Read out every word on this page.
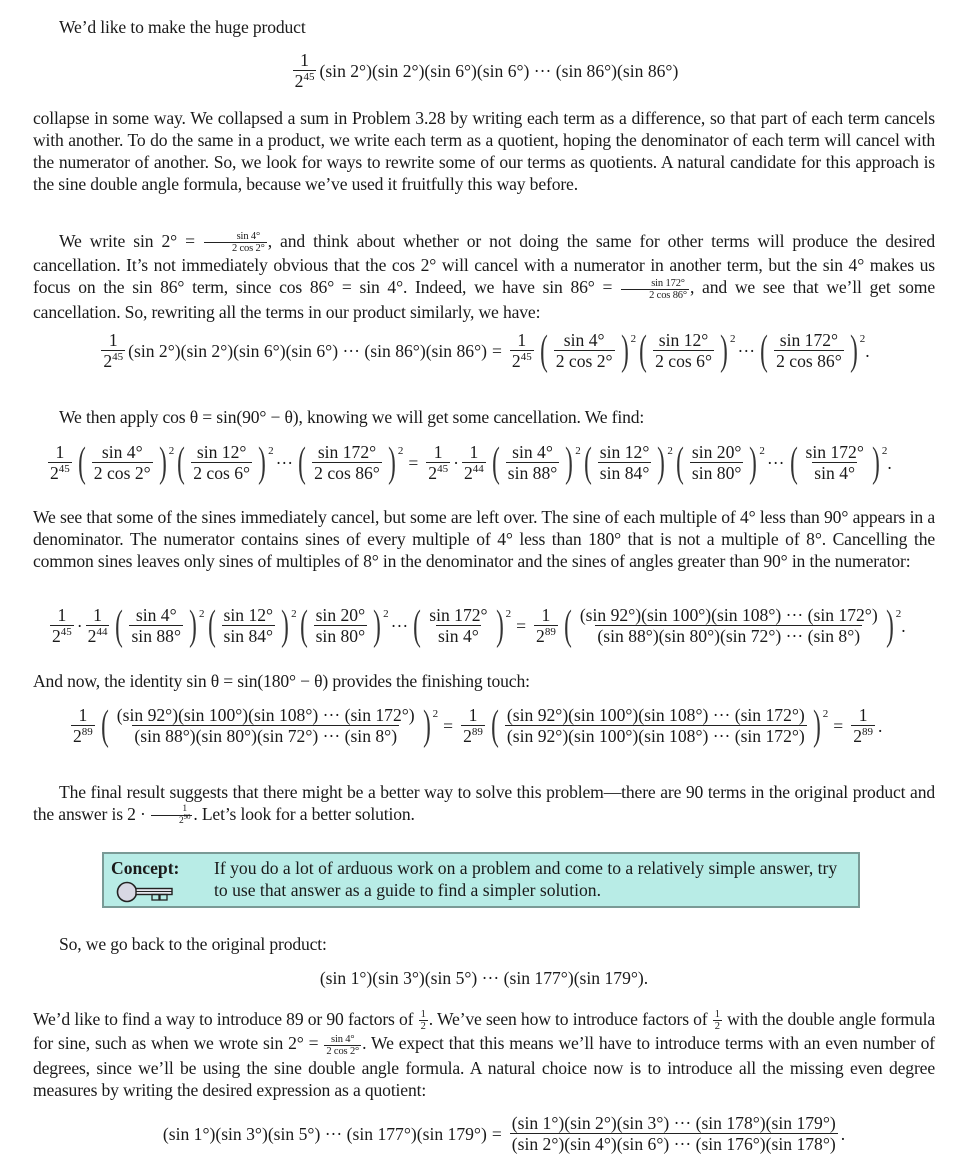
We’d like to make the huge product

$\frac{1}{2^{45}} (\sin$ 2°)(sin 2°)(sin 6°)(sin 6°) ··· (sin 86°)(sin 86°)

collapse in some way. We collapsed a sum in Problem 3.28 by writing each term as a difference, so that part of each term cancels with another. To do the same in a product, we write each term as a quotient, hoping the denominator of each term will cancel with the numerator of another. So, we look for ways to rewrite some of our terms as quotients. A natural candidate for this approach is the sine double angle formula, because we’ve used it fruitfully this way before.

We write $\sin 2^\circ = \frac{\sin 4^\circ}{2 \cos 2^\circ}$ , and think about whether or not doing the same for other terms will produce the desired cancellation. It’s not immediately obvious that the cos 2° will cancel with a numerator in another term, but the sin 4° makes us focus on the sin 86° term, since cos 86° = sin 4°. Indeed, we have $\sin 86^\circ = \frac{\sin 172^\circ}{2 \cos 86^\circ}$ , and we see that we’ll get some cancellation. So, rewriting all the terms in our product similarly, we have:

$\frac{1}{2^{45}} (\sin$ 2°)(sin 2°)(sin 6°)(sin 6°) ··· (sin 86°)(sin $86^\circ) = \frac{1}{2^{45}}$ ( $\frac{\sin 4^\circ}{2 \cos 2^\circ}$ ) 2 ( $\frac{\sin 12^\circ}{2 \cos 6^\circ}$ ) 2
··· ( $\frac{\sin 172^\circ}{2 \cos 86^\circ}$ ) 2
.

We then apply cos θ = sin(90° − θ), knowing we will get some cancellation. We find:

$\frac{1}{2^{45}}$ ( $\frac{\sin 4^\circ}{2 \cos 2^\circ}$ ) 2 ( $\frac{\sin 12^\circ}{2 \cos 6^\circ}$ ) 2
··· ( $\frac{\sin 172^\circ}{2 \cos 86^\circ}$ ) 2
= $\frac{1}{2^{45}} \cdot \frac{1}{2^{44}}$ ( $\frac{\sin 4^\circ}{\sin 88^\circ}$ ) 2 ( $\frac{\sin 12^\circ}{\sin 84^\circ}$ ) 2 ( $\frac{\sin 20^\circ}{\sin 80^\circ}$ ) 2
··· ( $\frac{\sin 172^\circ}{\sin 4^\circ}$ ) 2
.

We see that some of the sines immediately cancel, but some are left over. The sine of each multiple of 4° less than 90° appears in a denominator. The numerator contains sines of every multiple of 4° less than 180° that is not a multiple of 8°. Cancelling the common sines leaves only sines of multiples of 8° in the denominator and the sines of angles greater than 90° in the numerator:

$\frac{1}{2^{45}} \cdot \frac{1}{2^{44}}$ ( $\frac{\sin 4^\circ}{\sin 88^\circ}$ ) 2 ( $\frac{\sin 12^\circ}{\sin 84^\circ}$ ) 2 ( $\frac{\sin 20^\circ}{\sin 80^\circ}$ ) 2
··· ( $\frac{\sin 172^\circ}{\sin 4^\circ}$ ) 2
= $\frac{1}{2^{89}}$ ( $\frac{(\sin 92^\circ)(\sin 100^\circ)(\sin 108^\circ) \cdot\cdot\cdot (\sin 172^\circ)}{(\sin 88^\circ)(\sin 80^\circ)(\sin 72^\circ) \cdot\cdot\cdot (\sin 8^\circ)}$ ) 2
.

And now, the identity sin θ = sin(180° − θ) provides the finishing touch:

$\frac{1}{2^{89}}$ ( $\frac{(\sin 92^\circ)(\sin 100^\circ)(\sin 108^\circ) \cdot\cdot\cdot (\sin 172^\circ)}{(\sin 88^\circ)(\sin 80^\circ)(\sin 72^\circ) \cdot\cdot\cdot (\sin 8^\circ)}$ ) 2
= $\frac{1}{2^{89}}$ ( $\frac{(\sin 92^\circ)(\sin 100^\circ)(\sin 108^\circ) \cdot\cdot\cdot (\sin 172^\circ)}{(\sin 92^\circ)(\sin 100^\circ)(\sin 108^\circ) \cdot\cdot\cdot (\sin 172^\circ)}$ ) 2
= $\frac{1}{2^{89}}$ .

The final result suggests that there might be a better way to solve this problem—there are 90 terms in the original product and the answer is $2 \cdot \frac{1}{2^{90}}$ . Let’s look for a better solution.

Concept: If you do a lot of arduous work on a problem and come to a relatively simple answer, try to use that answer as a guide to find a simpler solution.

So, we go back to the original product:

(sin 1°)(sin 3°)(sin 5°) ··· (sin 177°)(sin 179°).

We’d like to find a way to introduce 89 or 90 factors of $\frac{1}{2}$ . We’ve seen how to introduce factors of $\frac{1}{2}$ with the double angle formula for sine, such as when we wrote $\sin 2^\circ = \frac{\sin 4^\circ}{2 \cos 2^\circ}$ . We expect that this means we’ll have to introduce terms with an even number of degrees, since we’ll be using the sine double angle formula. A natural choice now is to introduce all the missing even degree measures by writing the desired expression as a quotient:

(sin 1°)(sin 3°)(sin 5°) ··· (sin 177°)(sin $179^\circ) = \frac{(\sin 1^\circ)(\sin 2^\circ)(\sin 3^\circ) \cdot\cdot\cdot (\sin 178^\circ)(\sin 179^\circ)}{(\sin 2^\circ)(\sin 4^\circ)(\sin 6^\circ) \cdot\cdot\cdot (\sin 176^\circ)(\sin 178^\circ)}$ .
